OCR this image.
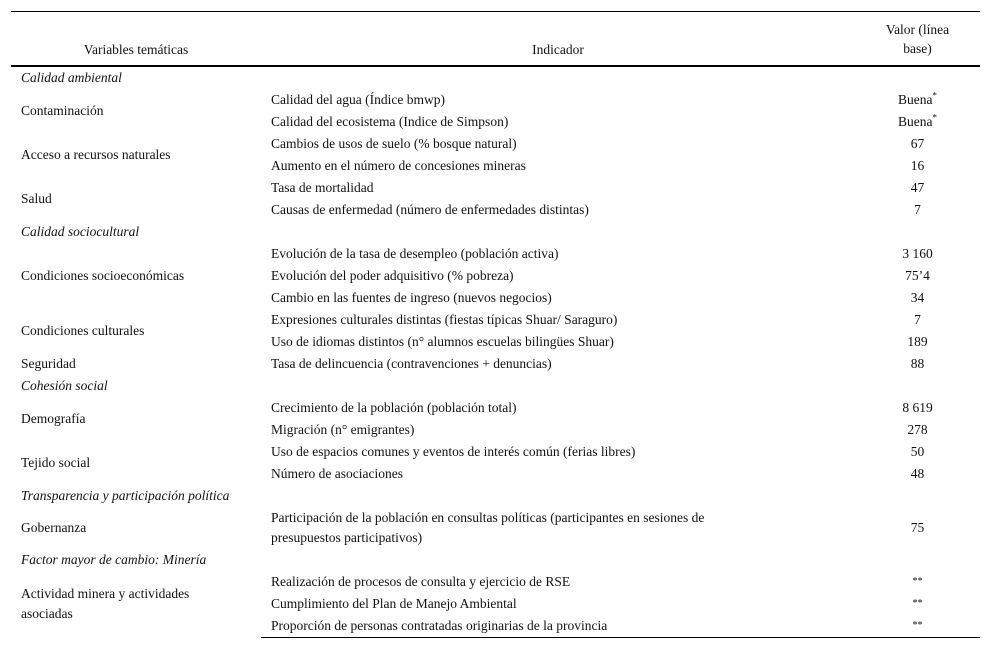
Variables temáticas	Indicador	Valor (línea
base)
Calidad ambiental		
Contaminación	Calidad del agua (Índice bmwp)	Buena*
	Calidad del ecosistema (Indice de Simpson)	Buena*
Acceso a recursos naturales	Cambios de usos de suelo (% bosque natural)	67
	Aumento en el número de concesiones mineras	16
Salud	Tasa de mortalidad	47
	Causas de enfermedad (número de enfermedades distintas)	7
Calidad sociocultural		
Condiciones socioeconómicas	Evolución de la tasa de desempleo (población activa)	3 160
	Evolución del poder adquisitivo (% pobreza)	75’4
	Cambio en las fuentes de ingreso (nuevos negocios)	34
Condiciones culturales	Expresiones culturales distintas (fiestas típicas Shuar/ Saraguro)	7
	Uso de idiomas distintos (n° alumnos escuelas bilingües Shuar)	189
Seguridad	Tasa de delincuencia (contravenciones + denuncias)	88
Cohesión social		
Demografía	Crecimiento de la población (población total)	8 619
	Migración (n° emigrantes)	278
Tejido social	Uso de espacios comunes y eventos de interés común (ferias libres)	50
	Número de asociaciones	48
Transparencia y participación política		
Gobernanza	Participación de la población en consultas políticas (participantes en sesiones de
presupuestos participativos)	75
Factor mayor de cambio: Minería		
Actividad minera y actividades
asociadas	Realización de procesos de consulta y ejercicio de RSE	**
	Cumplimiento del Plan de Manejo Ambiental	**
	Proporción de personas contratadas originarias de la provincia	**
